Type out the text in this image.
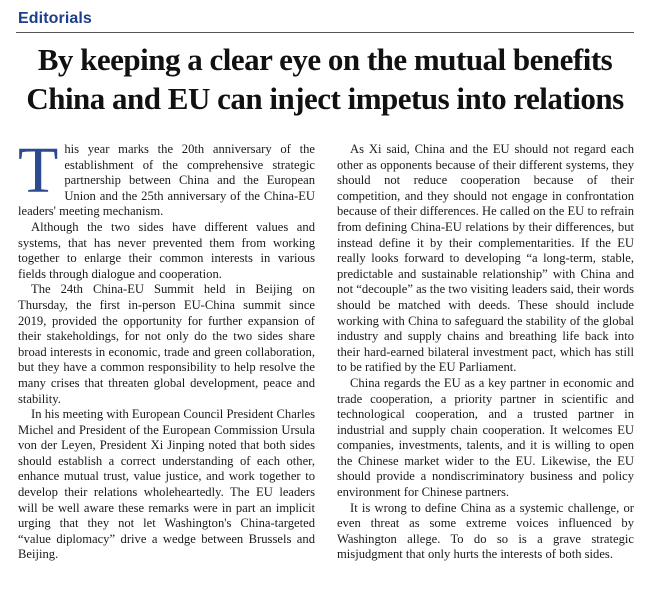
Editorials
By keeping a clear eye on the mutual benefits
China and EU can inject impetus into relations

This year marks the 20th anniversary of the establishment of the comprehensive strategic partnership between China and the European Union and the 25th anniversary of the China-EU leaders' meeting mechanism.

Although the two sides have different values and systems, that has never prevented them from working together to enlarge their common interests in various fields through dialogue and cooperation.

The 24th China-EU Summit held in Beijing on Thursday, the first in-person EU-China summit since 2019, provided the opportunity for further expansion of their stakeholdings, for not only do the two sides share broad interests in economic, trade and green collaboration, but they have a common responsibility to help resolve the many crises that threaten global development, peace and stability.

In his meeting with European Council President Charles Michel and President of the European Commission Ursula von der Leyen, President Xi Jinping noted that both sides should establish a correct understanding of each other, enhance mutual trust, value justice, and work together to develop their relations wholeheartedly. The EU leaders will be well aware these remarks were in part an implicit urging that they not let Washington's China-targeted “value diplomacy” drive a wedge between Brussels and Beijing.

As Xi said, China and the EU should not regard each other as opponents because of their different systems, they should not reduce cooperation because of their competition, and they should not engage in confrontation because of their differences. He called on the EU to refrain from defining China-EU relations by their differences, but instead define it by their complementarities. If the EU really looks forward to developing “a long-term, stable, predictable and sustainable relationship” with China and not “decouple” as the two visiting leaders said, their words should be matched with deeds. These should include working with China to safeguard the stability of the global industry and supply chains and breathing life back into their hard-earned bilateral investment pact, which has still to be ratified by the EU Parliament.

China regards the EU as a key partner in economic and trade cooperation, a priority partner in scientific and technological cooperation, and a trusted partner in industrial and supply chain cooperation. It welcomes EU companies, investments, talents, and it is willing to open the Chinese market wider to the EU. Likewise, the EU should provide a nondiscriminatory business and policy environment for Chinese partners.

It is wrong to define China as a systemic challenge, or even threat as some extreme voices influenced by Washington allege. To do so is a grave strategic misjudgment that only hurts the interests of both sides.
